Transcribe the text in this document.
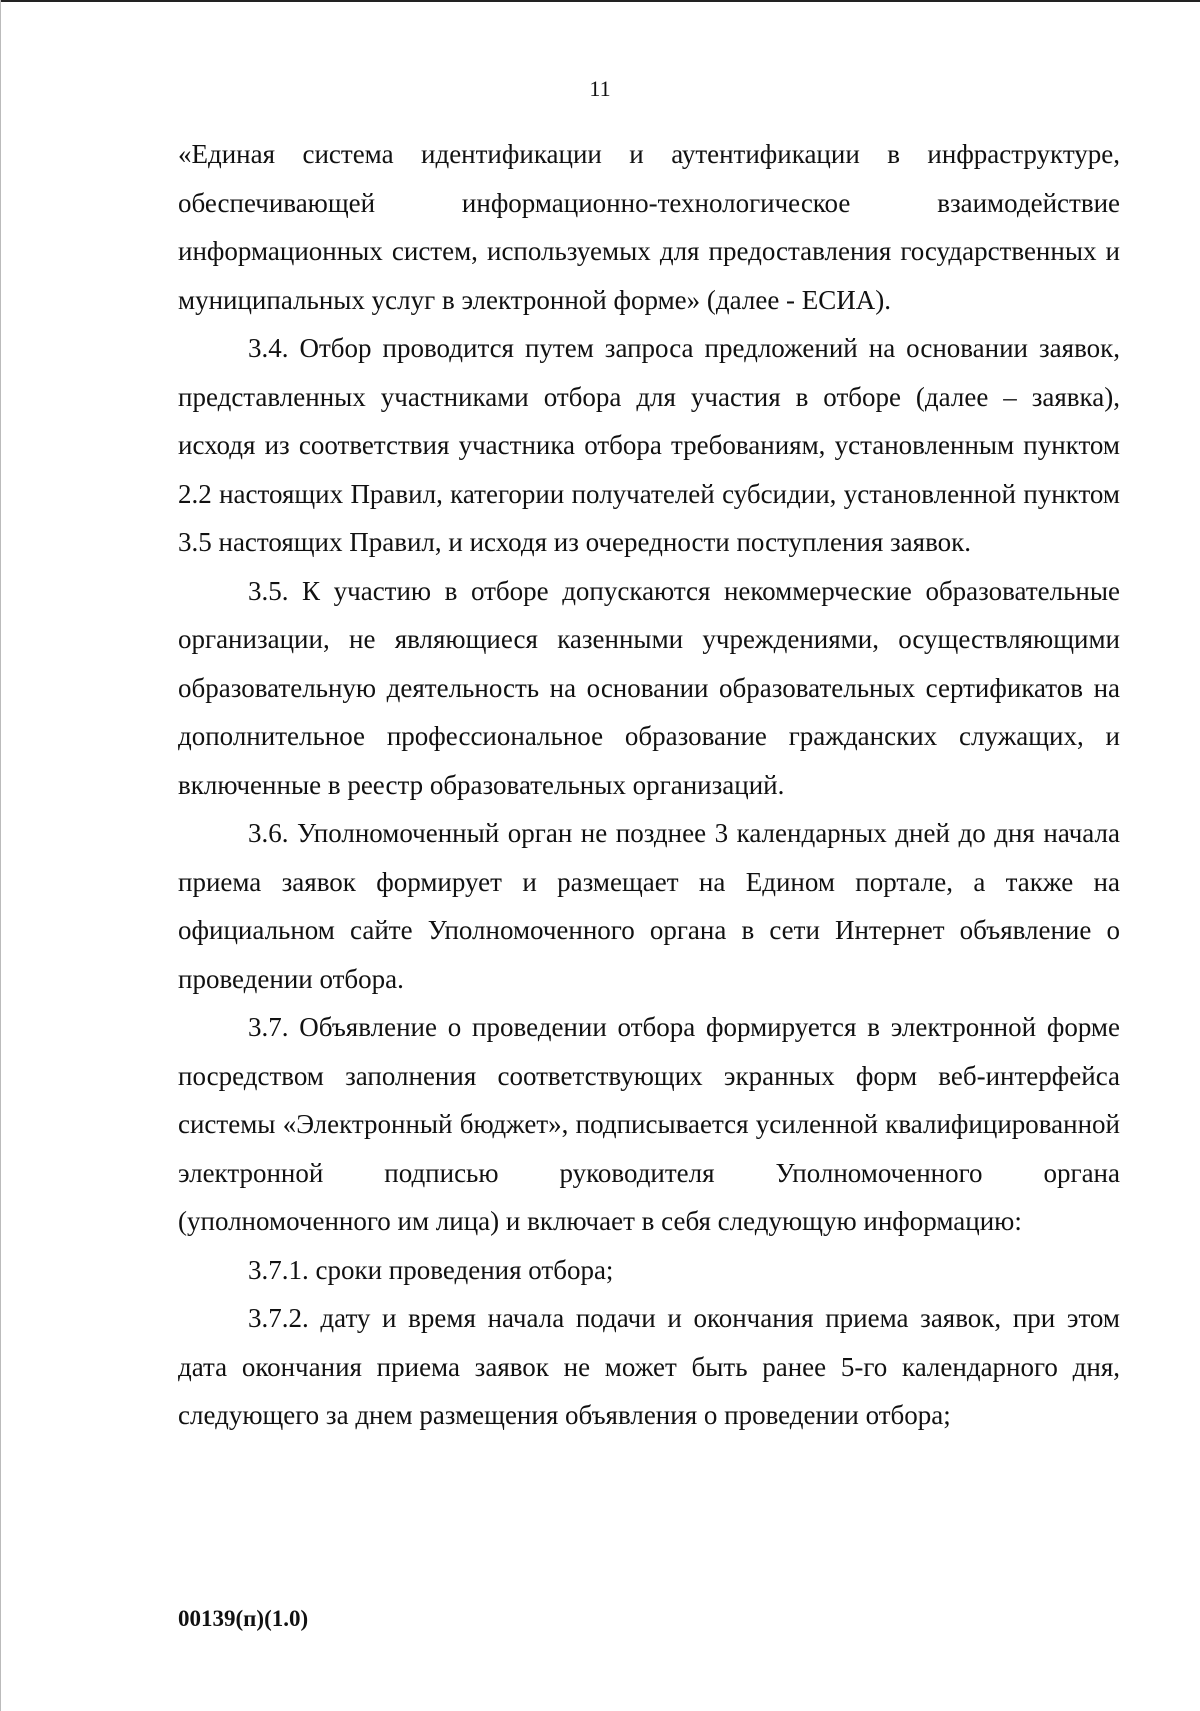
11

«Единая система идентификации и аутентификации в инфраструктуре, обеспечивающей информационно-технологическое взаимодействие информационных систем, используемых для предоставления государственных и муниципальных услуг в электронной форме» (далее - ЕСИА).

3.4. Отбор проводится путем запроса предложений на основании заявок, представленных участниками отбора для участия в отборе (далее – заявка), исходя из соответствия участника отбора требованиям, установленным пунктом 2.2 настоящих Правил, категории получателей субсидии, установленной пунктом 3.5 настоящих Правил, и исходя из очередности поступления заявок.

3.5. К участию в отборе допускаются некоммерческие образовательные организации, не являющиеся казенными учреждениями, осуществляющими образовательную деятельность на основании образовательных сертификатов на дополнительное профессиональное образование гражданских служащих, и включенные в реестр образовательных организаций.

3.6. Уполномоченный орган не позднее 3 календарных дней до дня начала приема заявок формирует и размещает на Едином портале, а также на официальном сайте Уполномоченного органа в сети Интернет объявление о проведении отбора.

3.7. Объявление о проведении отбора формируется в электронной форме посредством заполнения соответствующих экранных форм веб-интерфейса системы «Электронный бюджет», подписывается усиленной квалифицированной электронной подписью руководителя Уполномоченного органа (уполномоченного им лица) и включает в себя следующую информацию:

3.7.1. сроки проведения отбора;

3.7.2. дату и время начала подачи и окончания приема заявок, при этом дата окончания приема заявок не может быть ранее 5-го календарного дня, следующего за днем размещения объявления о проведении отбора;

00139(п)(1.0)
